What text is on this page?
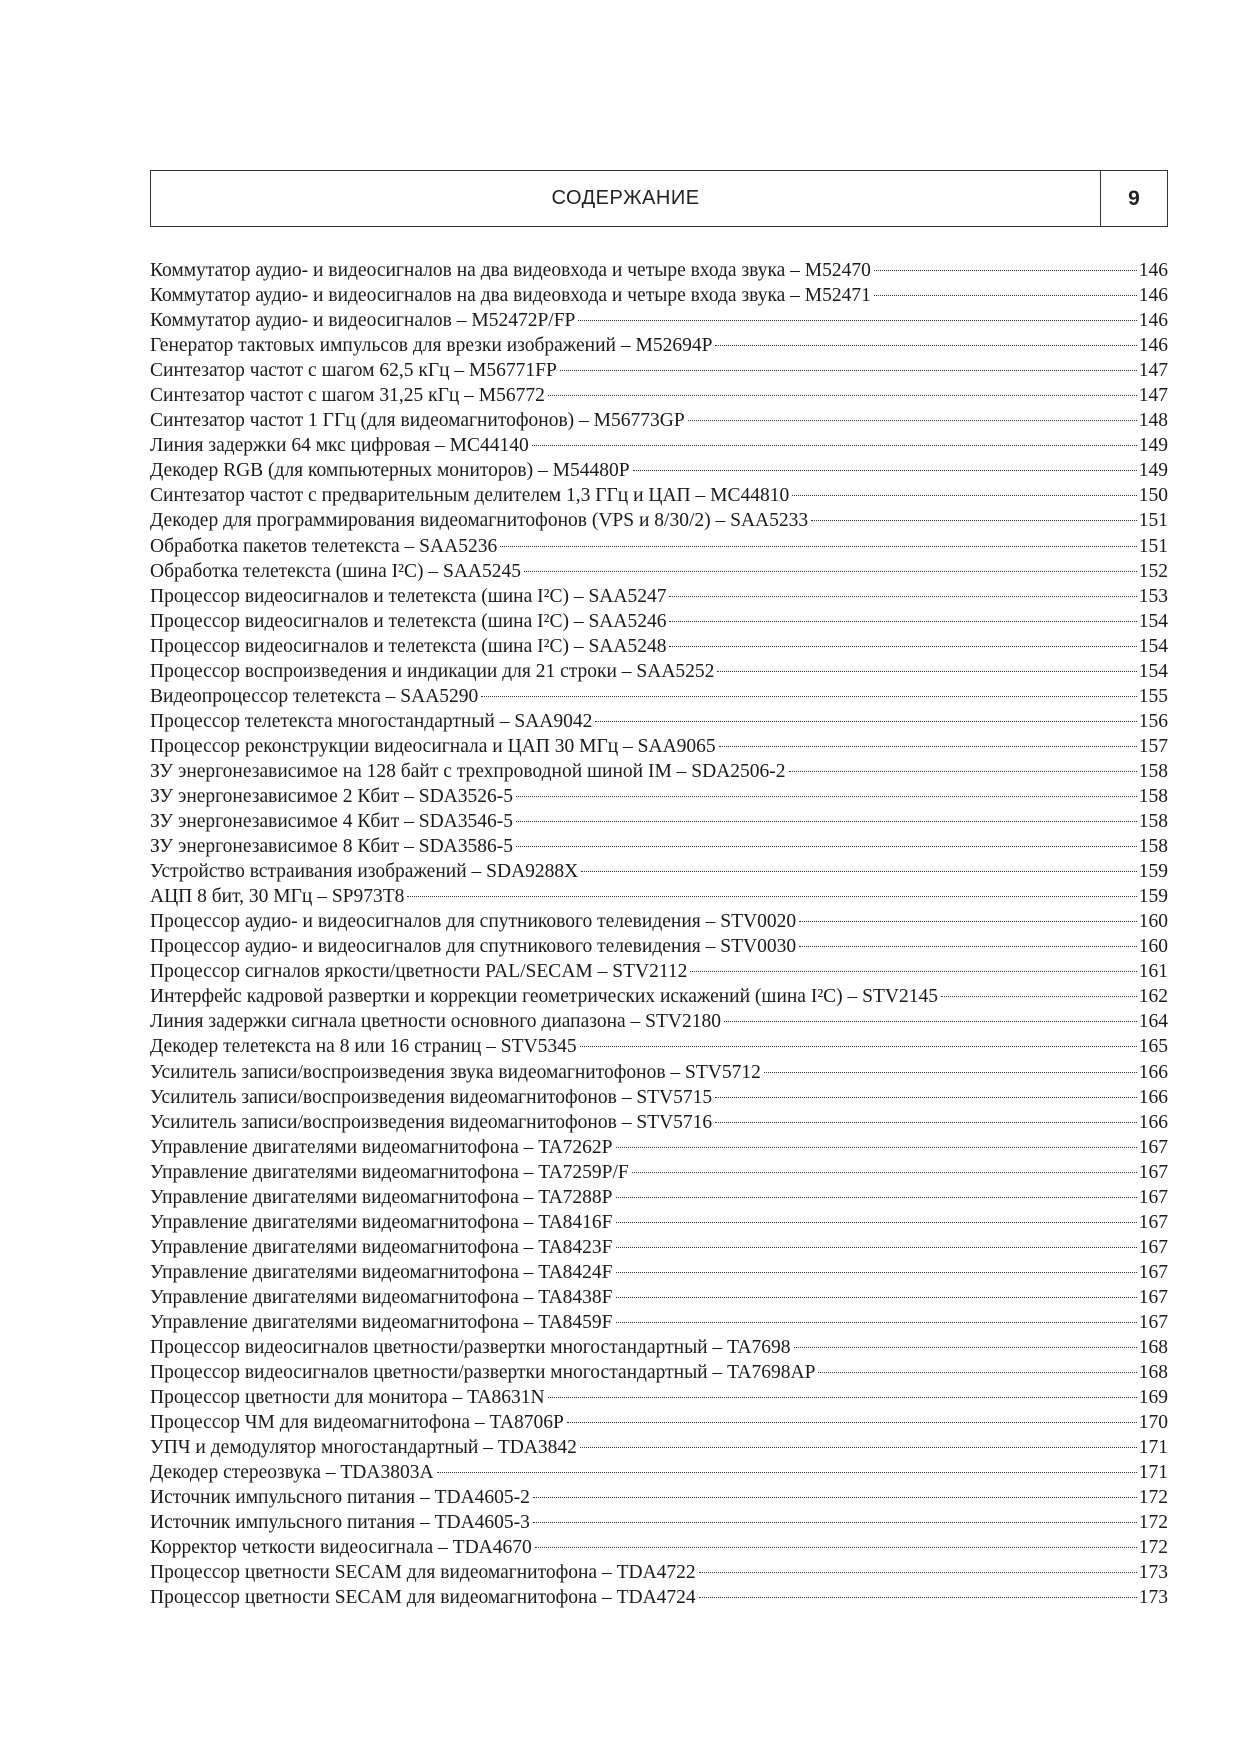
СОДЕРЖАНИЕ	9
Коммутатор аудио- и видеосигналов на два видеовхода и четыре входа звука – M52470	146
Коммутатор аудио- и видеосигналов на два видеовхода и четыре входа звука – M52471	146
Коммутатор аудио- и видеосигналов – M52472P/FP	146
Генератор тактовых импульсов для врезки изображений – M52694P	146
Синтезатор частот с шагом 62,5 кГц – M56771FP	147
Синтезатор частот с шагом 31,25 кГц – M56772	147
Синтезатор частот 1 ГГц (для видеомагнитофонов) – M56773GP	148
Линия задержки 64 мкс цифровая – MC44140	149
Декодер RGB (для компьютерных мониторов) – M54480P	149
Синтезатор частот с предварительным делителем 1,3 ГГц и ЦАП – MC44810	150
Декодер для программирования видеомагнитофонов (VPS и 8/30/2) – SAA5233	151
Обработка пакетов телетекста – SAA5236	151
Обработка телетекста (шина I²C) – SAA5245	152
Процессор видеосигналов и телетекста (шина I²C) – SAA5247	153
Процессор видеосигналов и телетекста (шина I²C) – SAA5246	154
Процессор видеосигналов и телетекста (шина I²C) – SAA5248	154
Процессор воспроизведения и индикации для 21 строки – SAA5252	154
Видеопроцессор телетекста – SAA5290	155
Процессор телетекста многостандартный – SAA9042	156
Процессор реконструкции видеосигнала и ЦАП 30 МГц – SAA9065	157
ЗУ энергонезависимое на 128 байт с трехпроводной шиной IM – SDA2506-2	158
ЗУ энергонезависимое 2 Кбит – SDA3526-5	158
ЗУ энергонезависимое 4 Кбит – SDA3546-5	158
ЗУ энергонезависимое 8 Кбит – SDA3586-5	158
Устройство встраивания изображений – SDA9288X	159
АЦП 8 бит, 30 МГц – SP973T8	159
Процессор аудио- и видеосигналов для спутникового телевидения – STV0020	160
Процессор аудио- и видеосигналов для спутникового телевидения – STV0030	160
Процессор сигналов яркости/цветности PAL/SECAM – STV2112	161
Интерфейс кадровой развертки и коррекции геометрических искажений (шина I²C) – STV2145	162
Линия задержки сигнала цветности основного диапазона – STV2180	164
Декодер телетекста на 8 или 16 страниц – STV5345	165
Усилитель записи/воспроизведения звука видеомагнитофонов – STV5712	166
Усилитель записи/воспроизведения видеомагнитофонов – STV5715	166
Усилитель записи/воспроизведения видеомагнитофонов – STV5716	166
Управление двигателями видеомагнитофона – TA7262P	167
Управление двигателями видеомагнитофона – TA7259P/F	167
Управление двигателями видеомагнитофона – TA7288P	167
Управление двигателями видеомагнитофона – TA8416F	167
Управление двигателями видеомагнитофона – TA8423F	167
Управление двигателями видеомагнитофона – TA8424F	167
Управление двигателями видеомагнитофона – TA8438F	167
Управление двигателями видеомагнитофона – TA8459F	167
Процессор видеосигналов цветности/развертки многостандартный – TA7698	168
Процессор видеосигналов цветности/развертки многостандартный – TA7698AP	168
Процессор цветности для монитора – TA8631N	169
Процессор ЧМ для видеомагнитофона – TA8706P	170
УПЧ и демодулятор многостандартный – TDA3842	171
Декодер стереозвука – TDA3803A	171
Источник импульсного питания – TDA4605-2	172
Источник импульсного питания – TDA4605-3	172
Корректор четкости видеосигнала – TDA4670	172
Процессор цветности SECAM для видеомагнитофона – TDA4722	173
Процессор цветности SECAM для видеомагнитофона – TDA4724	173
